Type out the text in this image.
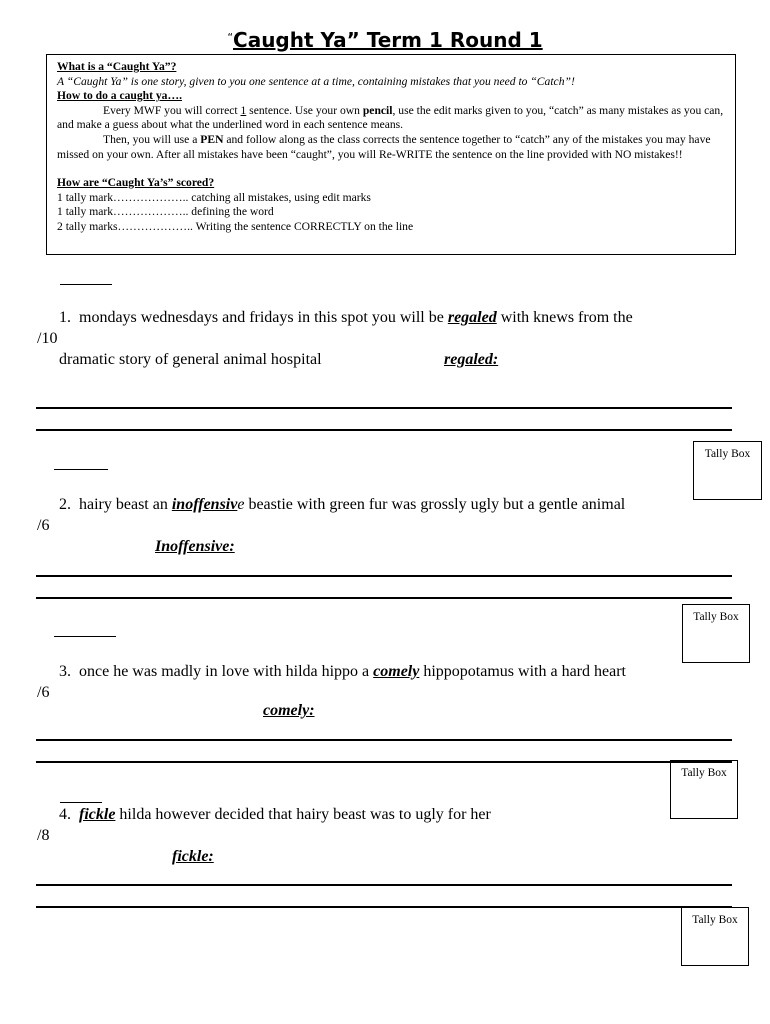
“Caught Ya” Term 1 Round 1

What is a “Caught Ya”?

A “Caught Ya” is one story, given to you one sentence at a time, containing mistakes that you need to “Catch”!

How to do a caught ya….

Every MWF you will correct 1 sentence. Use your own pencil, use the edit marks given to you, “catch” as many mistakes as you can, and make a guess about what the underlined word in each sentence means.

Then, you will use a PEN and follow along as the class corrects the sentence together to “catch” any of the mistakes you may have missed on your own. After all mistakes have been “caught”, you will Re-WRITE the sentence on the line provided with NO mistakes!!

How are “Caught Ya’s” scored?

1 tally mark……………….. catching all mistakes, using edit marks

1 tally mark……………….. defining the word

2 tally marks……………….. Writing the sentence CORRECTLY on the line

1. mondays wednesdays and fridays in this spot you will be regaled with knews from the
/10
dramatic story of general animal hospital	regaled:
Tally Box
2. hairy beast an inoffensive beastie with green fur was grossly ugly but a gentle animal
/6
Inoffensive:
Tally Box
3. once he was madly in love with hilda hippo a comely hippopotamus with a hard heart
/6
comely:
Tally Box
4. fickle hilda however decided that hairy beast was to ugly for her
/8
fickle:
Tally Box
